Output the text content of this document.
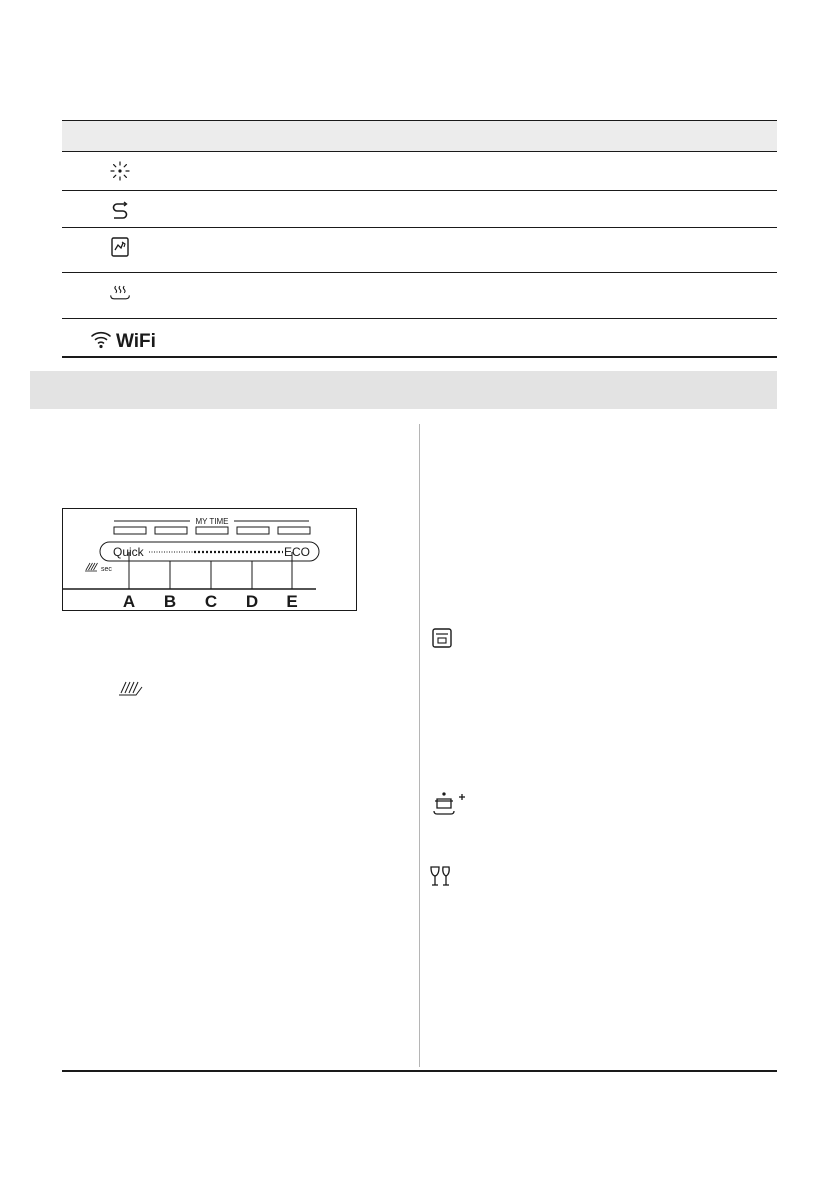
WiFi
MY TIME
Quick	ECO
sec
A B C D E
